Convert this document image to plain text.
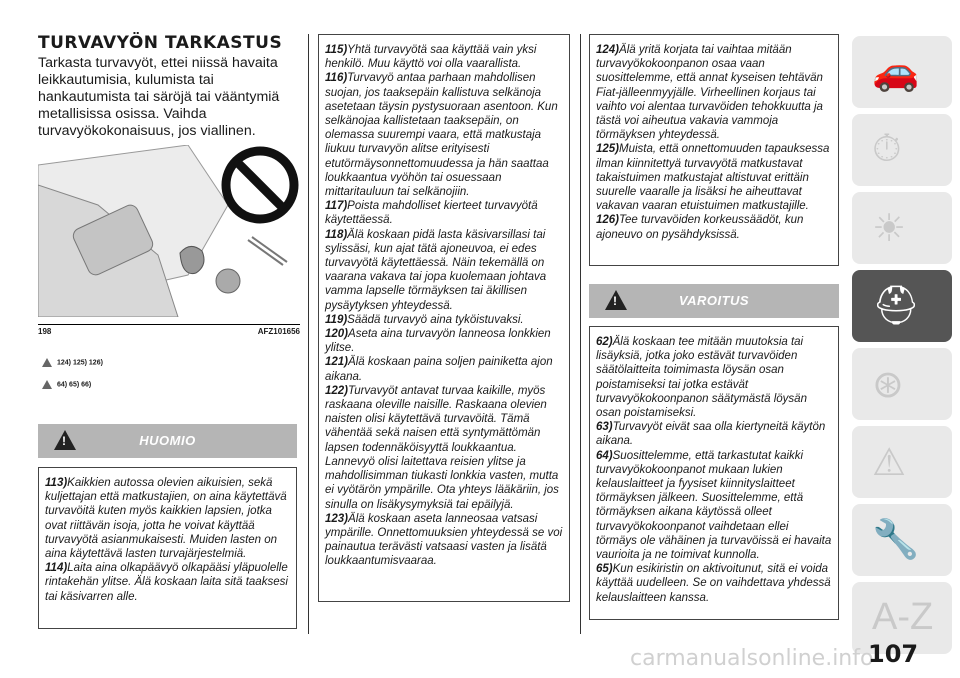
TURVAVYÖN TARKASTUS
Tarkasta turvavyöt, ettei niissä havaita leikkautumisia, kulumista tai hankautumista tai säröjä tai vääntymiä metallisissa osissa. Vaihda turvavyökokonaisuus, jos viallinen.
198	AFZ101656
124) 125) 126)
64) 65) 66)
!
HUOMIO

113)Kaikkien autossa olevien aikuisien, sekä kuljettajan että matkustajien, on aina käytettävä turvavöitä kuten myös kaikkien lapsien, jotka ovat riittävän isoja, jotta he voivat käyttää turvavyötä asianmukaisesti. Muiden lasten on aina käytettävä lasten turvajärjestelmiä.

114)Laita aina olkapäävyö olkapääsi yläpuolelle rintakehän ylitse. Älä koskaan laita sitä taaksesi tai käsivarren alle.

115)Yhtä turvavyötä saa käyttää vain yksi henkilö. Muu käyttö voi olla vaarallista.

116)Turvavyö antaa parhaan mahdollisen suojan, jos taaksepäin kallistuva selkänoja asetetaan täysin pystysuoraan asentoon. Kun selkänojaa kallistetaan taaksepäin, on olemassa suurempi vaara, että matkustaja liukuu turvavyön alitse erityisesti etutörmäysonnettomuudessa ja hän saattaa loukkaantua vyöhön tai osuessaan mittaritauluun tai selkänojiin.

117)Poista mahdolliset kierteet turvavyötä käytettäessä.

118)Älä koskaan pidä lasta käsivarsillasi tai sylissäsi, kun ajat tätä ajoneuvoa, ei edes turvavyötä käytettäessä. Näin tekemällä on vaarana vakava tai jopa kuolemaan johtava vamma lapselle törmäyksen tai äkillisen pysäytyksen yhteydessä.

119)Säädä turvavyö aina tyköistuvaksi.

120)Aseta aina turvavyön lanneosa lonkkien ylitse.

121)Älä koskaan paina soljen painiketta ajon aikana.

122)Turvavyöt antavat turvaa kaikille, myös raskaana oleville naisille. Raskaana olevien naisten olisi käytettävä turvavöitä. Tämä vähentää sekä naisen että syntymättömän lapsen todennäköisyyttä loukkaantua. Lannevyö olisi laitettava reisien ylitse ja mahdollisimman tiukasti lonkkia vasten, mutta ei vyötärön ympärille. Ota yhteys lääkäriin, jos sinulla on lisäkysymyksiä tai epäilyjä.

123)Älä koskaan aseta lanneosaa vatsasi ympärille. Onnettomuuksien yhteydessä se voi painautua terävästi vatsaasi vasten ja lisätä loukkaantumisvaaraa.

124)Älä yritä korjata tai vaihtaa mitään turvavyökokoonpanon osaa vaan suosittelemme, että annat kyseisen tehtävän Fiat-jälleenmyyjälle. Virheellinen korjaus tai vaihto voi alentaa turvavöiden tehokkuutta ja tästä voi aiheutua vakavia vammoja törmäyksen yhteydessä.

125)Muista, että onnettomuuden tapauksessa ilman kiinnitettyä turvavyötä matkustavat takaistuimen matkustajat altistuvat erittäin suurelle vaaralle ja lisäksi he aiheuttavat vakavan vaaran etuistuimen matkustajille.

126)Tee turvavöiden korkeussäädöt, kun ajoneuvo on pysähdyksissä.

!
VAROITUS

62)Älä koskaan tee mitään muutoksia tai lisäyksiä, jotka joko estävät turvavöiden säätölaitteita toimimasta löysän osan poistamiseksi tai jotka estävät turvavyökokoonpanon säätymästä löysän osan poistamiseksi.

63)Turvavyöt eivät saa olla kiertyneitä käytön aikana.

64)Suosittelemme, että tarkastutat kaikki turvavyökokoonpanot mukaan lukien kelauslaitteet ja fyysiset kiinnityslaitteet törmäyksen jälkeen. Suosittelemme, että törmäyksen aikana käytössä olleet turvavyökokoonpanot vaihdetaan ellei törmäys ole vähäinen ja turvavöissä ei havaita vaurioita ja ne toimivat kunnolla.

65)Kun esikiristin on aktivoitunut, sitä ei voida käyttää uudelleen. Se on vaihdettava yhdessä kelauslaitteen kanssa.

🚗
⏱
☀
⛑
⊛
⚠
🔧
A-Z
carmanualsonline.info
107
